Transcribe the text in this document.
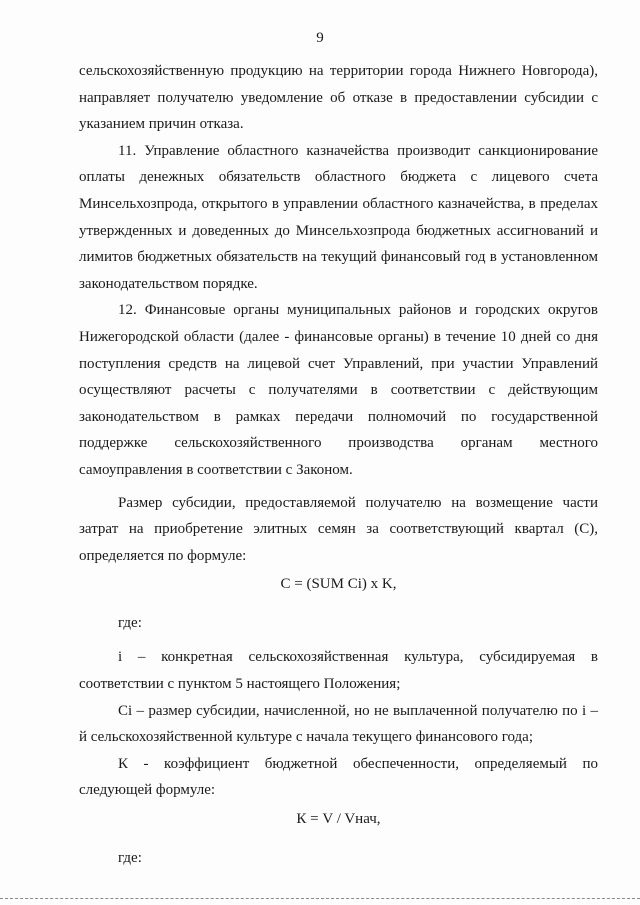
9

сельскохозяйственную продукцию на территории города Нижнего Новгорода), направляет получателю уведомление об отказе в предоставлении субсидии с указанием причин отказа.

11. Управление областного казначейства производит санкционирование оплаты денежных обязательств областного бюджета с лицевого счета Минсельхозпрода, открытого в управлении областного казначейства, в пределах утвержденных и доведенных до Минсельхозпрода бюджетных ассигнований и лимитов бюджетных обязательств на текущий финансовый год в установленном законодательством порядке.

12. Финансовые органы муниципальных районов и городских округов Нижегородской области (далее - финансовые органы) в течение 10 дней со дня поступления средств на лицевой счет Управлений, при участии Управлений осуществляют расчеты с получателями в соответствии с действующим законодательством в рамках передачи полномочий по государственной поддержке сельскохозяйственного производства органам местного самоуправления в соответствии с Законом.

Размер субсидии, предоставляемой получателю на возмещение части затрат на приобретение элитных семян за соответствующий квартал (С), определяется по формуле:

С = (SUM Ci) x K,

где:

i – конкретная сельскохозяйственная культура, субсидируемая в соответствии с пунктом 5 настоящего Положения;

Сi – размер субсидии, начисленной, но не выплаченной получателю по i – й сельскохозяйственной культуре с начала текущего финансового года;

К - коэффициент бюджетной обеспеченности, определяемый по следующей формуле:

К = V / Vнач,

где:
